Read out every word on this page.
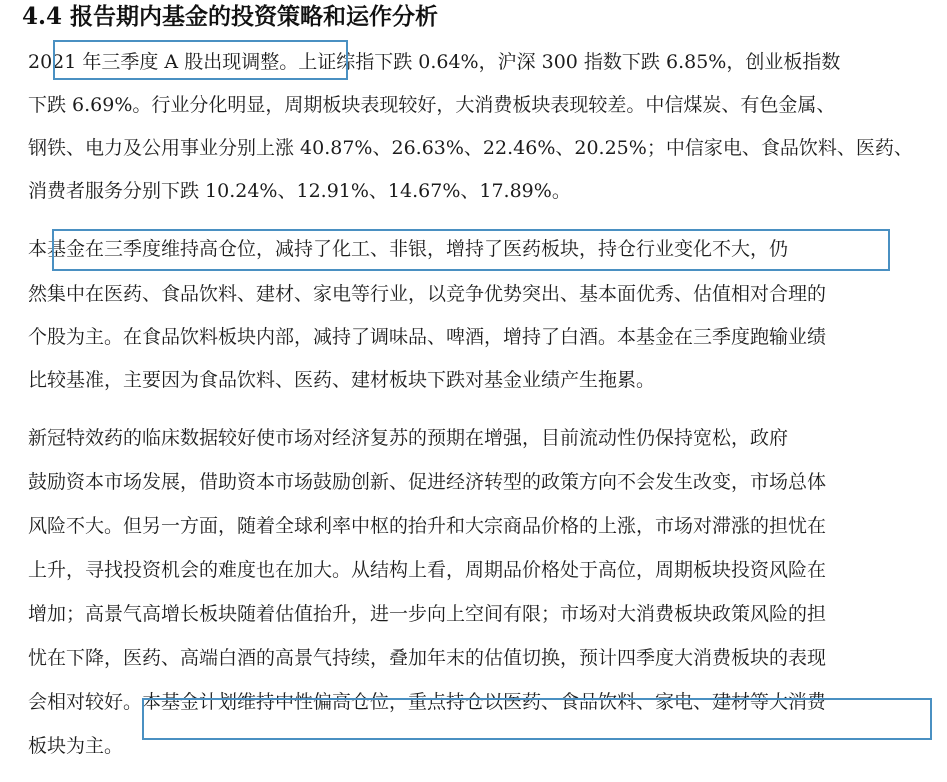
4.4 报告期内基金的投资策略和运作分析
2021 年三季度 A 股出现调整。上证综指下跌 0.64%，沪深 300 指数下跌 6.85%，创业板指数
下跌 6.69%。行业分化明显，周期板块表现较好，大消费板块表现较差。中信煤炭、有色金属、
钢铁、电力及公用事业分别上涨 40.87%、26.63%、22.46%、20.25%；中信家电、食品饮料、医药、
消费者服务分别下跌 10.24%、12.91%、14.67%、17.89%。
本基金在三季度维持高仓位，减持了化工、非银，增持了医药板块，持仓行业变化不大，仍
然集中在医药、食品饮料、建材、家电等行业，以竞争优势突出、基本面优秀、估值相对合理的
个股为主。在食品饮料板块内部，减持了调味品、啤酒，增持了白酒。本基金在三季度跑输业绩
比较基准，主要因为食品饮料、医药、建材板块下跌对基金业绩产生拖累。
新冠特效药的临床数据较好使市场对经济复苏的预期在增强，目前流动性仍保持宽松，政府
鼓励资本市场发展，借助资本市场鼓励创新、促进经济转型的政策方向不会发生改变，市场总体
风险不大。但另一方面，随着全球利率中枢的抬升和大宗商品价格的上涨，市场对滞涨的担忧在
上升，寻找投资机会的难度也在加大。从结构上看，周期品价格处于高位，周期板块投资风险在
增加；高景气高增长板块随着估值抬升，进一步向上空间有限；市场对大消费板块政策风险的担
忧在下降，医药、高端白酒的高景气持续，叠加年末的估值切换，预计四季度大消费板块的表现
会相对较好。本基金计划维持中性偏高仓位，重点持仓以医药、食品饮料、家电、建材等大消费
板块为主。
